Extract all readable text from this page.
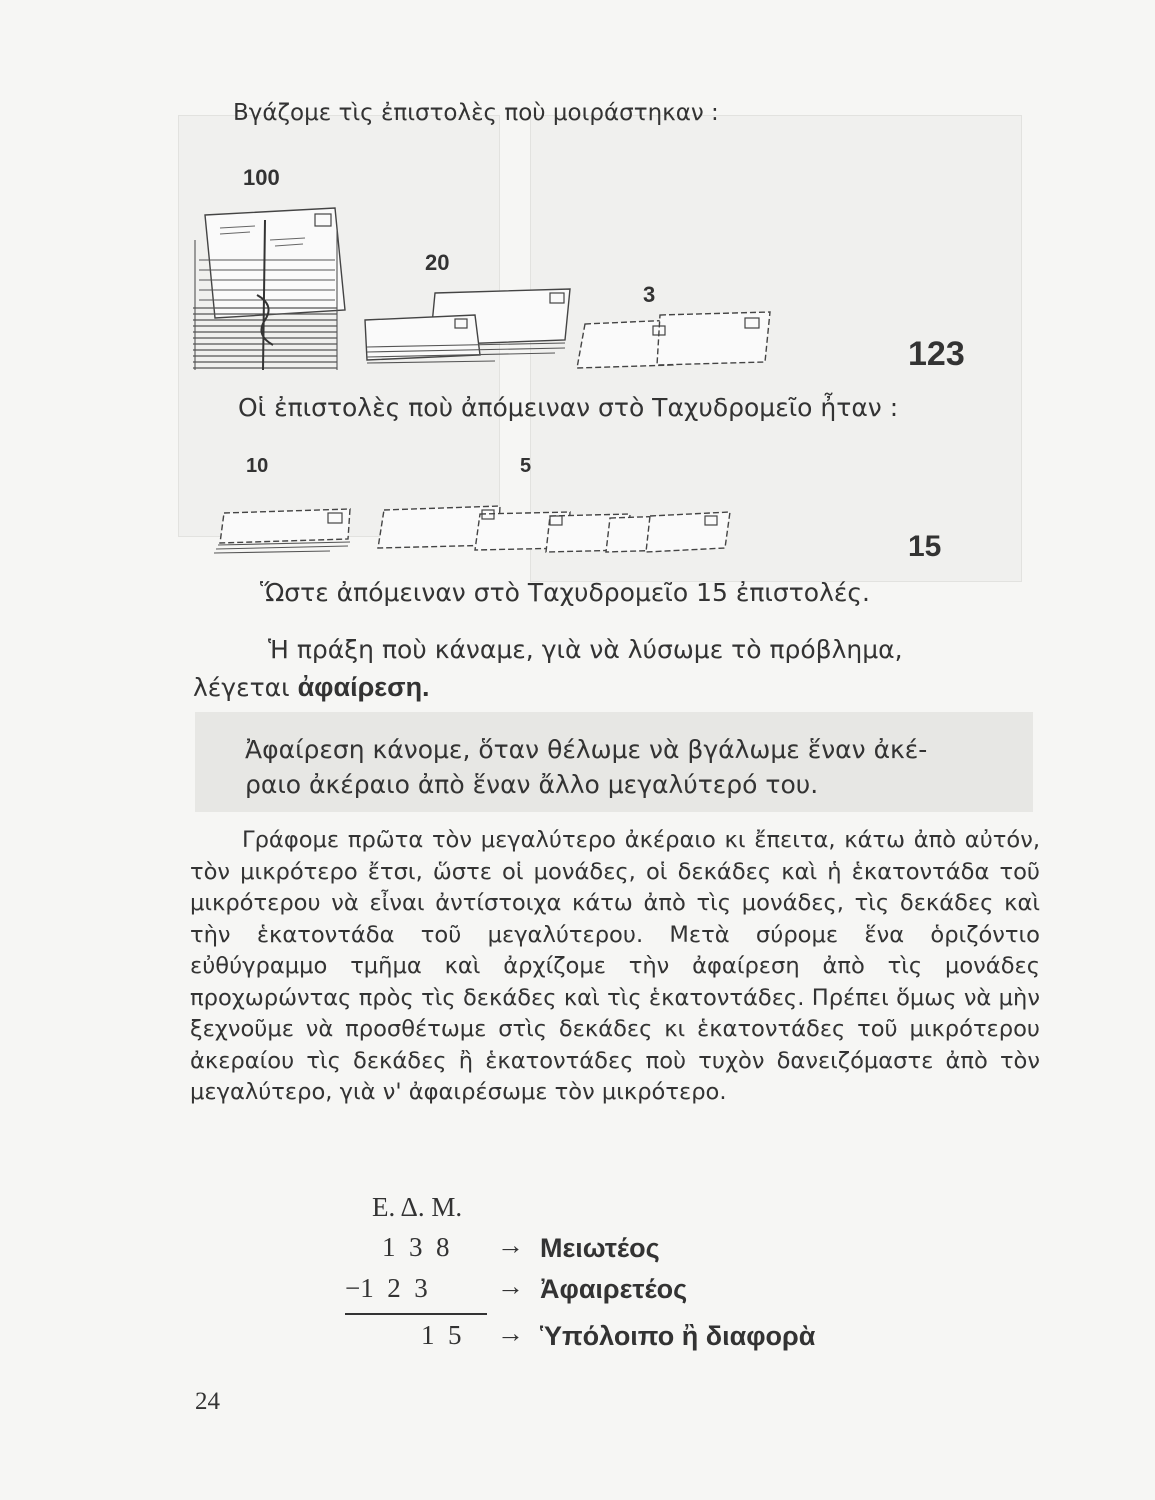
Βγάζομε τὶς ἐπιστολὲς ποὺ μοιράστηκαν :
100
20
3
123
Οἱ ἐπιστολὲς ποὺ ἀπόμειναν στὸ Ταχυδρομεῖο ἦταν :
10	5
15
Ὥστε ἀπόμειναν στὸ Ταχυδρομεῖο 15 ἐπιστολές.
Ἡ πράξη ποὺ κάναμε, γιὰ νὰ λύσωμε τὸ πρόβλημα,
λέγεται ἀφαίρεση.
Ἀφαίρεση κάνομε, ὅταν θέλωμε νὰ βγάλωμε ἕναν ἀκέ-
ραιο ἀκέραιο ἀπὸ ἕναν ἄλλο μεγαλύτερό του.
Γράφομε πρῶτα τὸν μεγαλύτερο ἀκέραιο κι ἔπειτα, κάτω ἀπὸ αὐτόν, τὸν μικρότερο ἔτσι, ὥστε οἱ μονάδες, οἱ δεκάδες καὶ ἡ ἑκατοντάδα τοῦ μικρότερου νὰ εἶναι ἀντίστοιχα κάτω ἀπὸ τὶς μονάδες, τὶς δεκάδες καὶ τὴν ἑκατοντάδα τοῦ μεγαλύτερου. Μετὰ σύρομε ἕνα ὁριζόντιο εὐθύγραμμο τμῆμα καὶ ἀρχίζομε τὴν ἀφαίρεση ἀπὸ τὶς μονάδες προχωρώντας πρὸς τὶς δεκάδες καὶ τὶς ἑκατοντάδες. Πρέπει ὅμως νὰ μὴν ξεχνοῦμε νὰ προσθέτωμε στὶς δεκάδες κι ἑκατοντάδες τοῦ μικρότερου ἀκεραίου τὶς δεκάδες ἢ ἑκατοντάδες ποὺ τυχὸν δανειζόμαστε ἀπὸ τὸν μεγαλύτερο, γιὰ ν' ἀφαιρέσωμε τὸν μικρότερο.
Ε. Δ. Μ.
1  3  8 → Μειωτέος
−1  2  3	→ Ἀφαιρετέος
1  5 → Ὑπόλοιπο ἢ διαφορὰ
24
